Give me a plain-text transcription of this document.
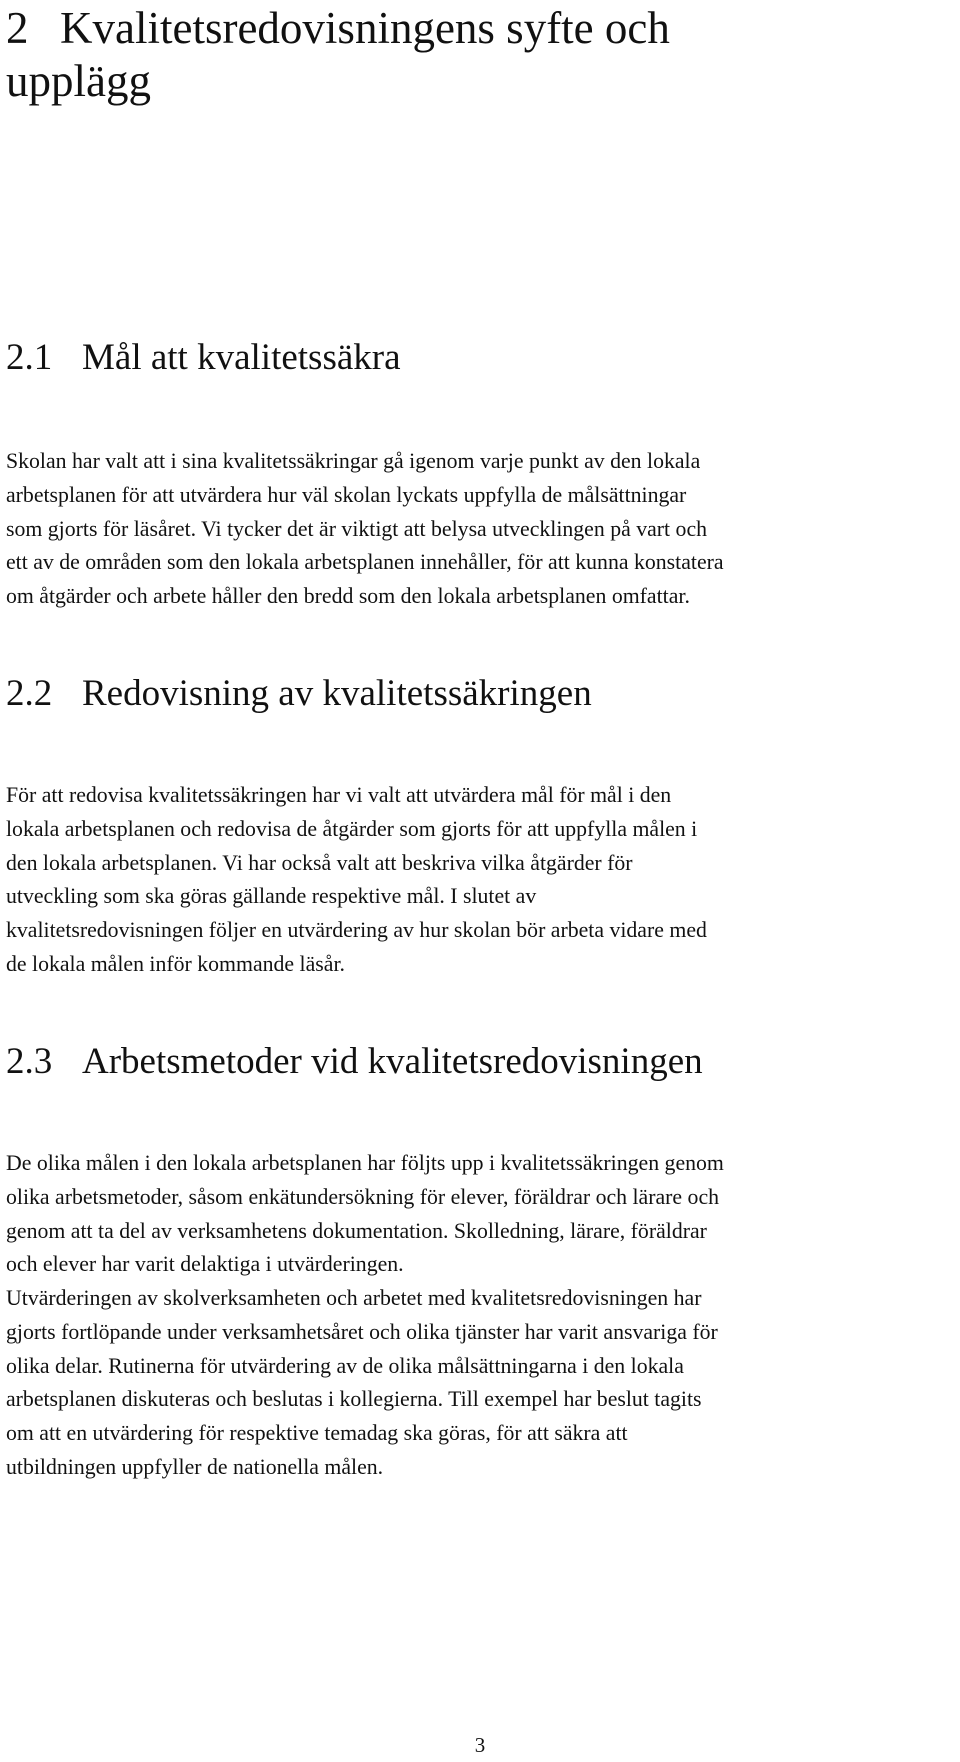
2 Kvalitetsredovisningens syfte och
upplägg
2.1 Mål att kvalitetssäkra
Skolan har valt att i sina kvalitetssäkringar gå igenom varje punkt av den lokala
arbetsplanen för att utvärdera hur väl skolan lyckats uppfylla de målsättningar
som gjorts för läsåret. Vi tycker det är viktigt att belysa utvecklingen på vart och
ett av de områden som den lokala arbetsplanen innehåller, för att kunna konstatera
om åtgärder och arbete håller den bredd som den lokala arbetsplanen omfattar.
2.2 Redovisning av kvalitetssäkringen
För att redovisa kvalitetssäkringen har vi valt att utvärdera mål för mål i den
lokala arbetsplanen och redovisa de åtgärder som gjorts för att uppfylla målen i
den lokala arbetsplanen. Vi har också valt att beskriva vilka åtgärder för
utveckling som ska göras gällande respektive mål. I slutet av
kvalitetsredovisningen följer en utvärdering av hur skolan bör arbeta vidare med
de lokala målen inför kommande läsår.
2.3 Arbetsmetoder vid kvalitetsredovisningen
De olika målen i den lokala arbetsplanen har följts upp i kvalitetssäkringen genom
olika arbetsmetoder, såsom enkätundersökning för elever, föräldrar och lärare och
genom att ta del av verksamhetens dokumentation. Skolledning, lärare, föräldrar
och elever har varit delaktiga i utvärderingen.
Utvärderingen av skolverksamheten och arbetet med kvalitetsredovisningen har
gjorts fortlöpande under verksamhetsåret och olika tjänster har varit ansvariga för
olika delar. Rutinerna för utvärdering av de olika målsättningarna i den lokala
arbetsplanen diskuteras och beslutas i kollegierna. Till exempel har beslut tagits
om att en utvärdering för respektive temadag ska göras, för att säkra att
utbildningen uppfyller de nationella målen.
3
